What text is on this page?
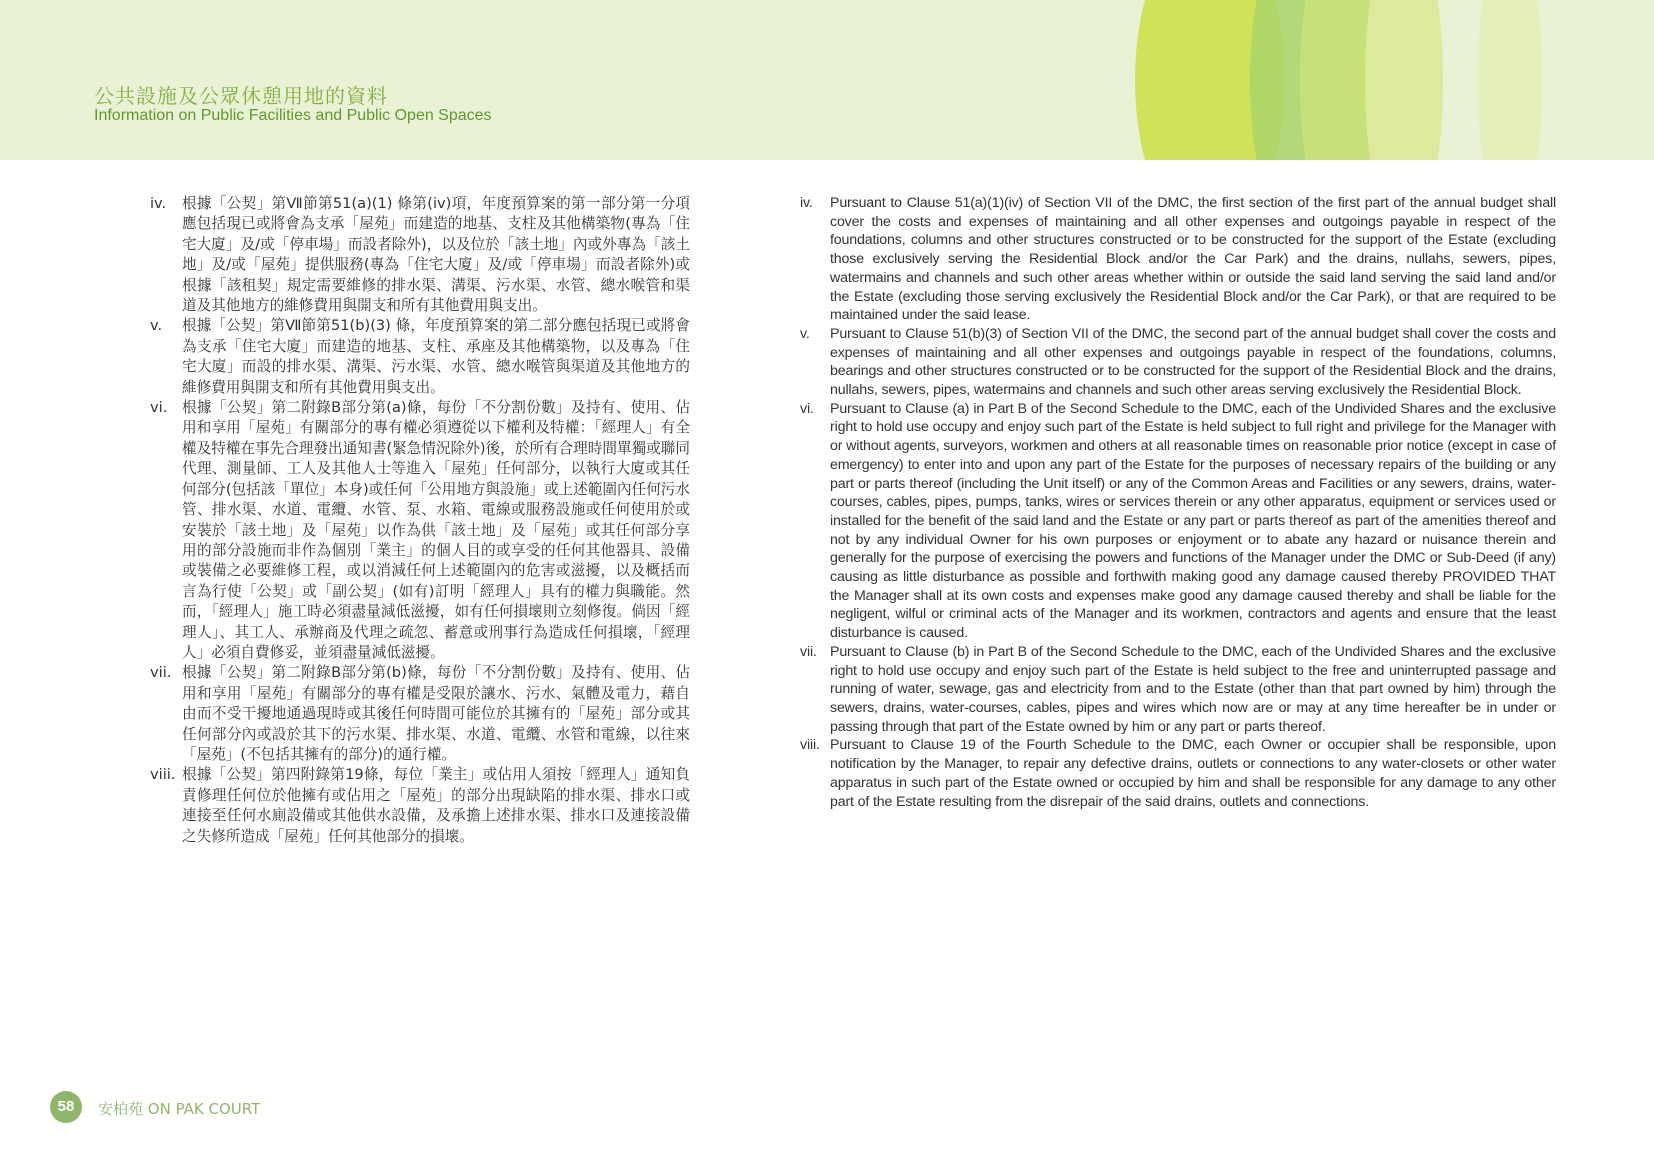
公共設施及公眾休憩用地的資料
Information on Public Facilities and Public Open Spaces
iv.	根據「公契」第Ⅶ節第51(a)(1) 條第(iv)項，年度預算案的第一部分第一分項應包括現已或將會為支承「屋苑」而建造的地基、支柱及其他構築物(專為「住宅大廈」及/或「停車場」而設者除外)，以及位於「該土地」內或外專為「該土地」及/或「屋苑」提供服務(專為「住宅大廈」及/或「停車場」而設者除外)或根據「該租契」規定需要維修的排水渠、溝渠、污水渠、水管、總水喉管和渠道及其他地方的維修費用與開支和所有其他費用與支出。
v.	根據「公契」第Ⅶ節第51(b)(3) 條，年度預算案的第二部分應包括現已或將會為支承「住宅大廈」而建造的地基、支柱、承座及其他構築物，以及專為「住宅大廈」而設的排水渠、溝渠、污水渠、水管、總水喉管與渠道及其他地方的維修費用與開支和所有其他費用與支出。
vi.	根據「公契」第二附錄B部分第(a)條，每份「不分割份數」及持有、使用、佔用和享用「屋苑」有關部分的專有權必須遵從以下權利及特權：「經理人」有全權及特權在事先合理發出通知書(緊急情況除外)後，於所有合理時間單獨或聯同代理、測量師、工人及其他人士等進入「屋苑」任何部分，以執行大廈或其任何部分(包括該「單位」本身)或任何「公用地方與設施」或上述範圍內任何污水管、排水渠、水道、電纜、水管、泵、水箱、電線或服務設施或任何使用於或安裝於「該土地」及「屋苑」以作為供「該土地」及「屋苑」或其任何部分享用的部分設施而非作為個別「業主」的個人目的或享受的任何其他器具、設備或裝備之必要維修工程，或以消減任何上述範圍內的危害或滋擾，以及概括而言為行使「公契」或「副公契」(如有)訂明「經理人」具有的權力與職能。然而，「經理人」施工時必須盡量減低滋擾，如有任何損壞則立刻修復。倘因「經理人」、其工人、承辦商及代理之疏忽、蓄意或刑事行為造成任何損壞，「經理人」必須自費修妥，並須盡量減低滋擾。
vii. 根據「公契」第二附錄B部分第(b)條，每份「不分割份數」及持有、使用、佔用和享用「屋苑」有關部分的專有權是受限於讓水、污水、氣體及電力，藉自由而不受干擾地通過現時或其後任何時間可能位於其擁有的「屋苑」部分或其任何部分內或設於其下的污水渠、排水渠、水道、電纜、水管和電線，以往來「屋苑」(不包括其擁有的部分)的通行權。
viii. 根據「公契」第四附錄第19條，每位「業主」或佔用人須按「經理人」通知負責修理任何位於他擁有或佔用之「屋苑」的部分出現缺陷的排水渠、排水口或連接至任何水廁設備或其他供水設備，及承擔上述排水渠、排水口及連接設備之失修所造成「屋苑」任何其他部分的損壞。
iv.	Pursuant to Clause 51(a)(1)(iv) of Section VII of the DMC, the first section of the first part of the annual budget shall cover the costs and expenses of maintaining and all other expenses and outgoings payable in respect of the foundations, columns and other structures constructed or to be constructed for the support of the Estate (excluding those exclusively serving the Residential Block and/or the Car Park) and the drains, nullahs, sewers, pipes, watermains and channels and such other areas whether within or outside the said land serving the said land and/or the Estate (excluding those serving exclusively the Residential Block and/or the Car Park), or that are required to be maintained under the said lease.
v.	Pursuant to Clause 51(b)(3) of Section VII of the DMC, the second part of the annual budget shall cover the costs and expenses of maintaining and all other expenses and outgoings payable in respect of the foundations, columns, bearings and other structures constructed or to be constructed for the support of the Residential Block and the drains, nullahs, sewers, pipes, watermains and channels and such other areas serving exclusively the Residential Block.
vi.	Pursuant to Clause (a) in Part B of the Second Schedule to the DMC, each of the Undivided Shares and the exclusive right to hold use occupy and enjoy such part of the Estate is held subject to full right and privilege for the Manager with or without agents, surveyors, workmen and others at all reasonable times on reasonable prior notice (except in case of emergency) to enter into and upon any part of the Estate for the purposes of necessary repairs of the building or any part or parts thereof (including the Unit itself) or any of the Common Areas and Facilities or any sewers, drains, water-courses, cables, pipes, pumps, tanks, wires or services therein or any other apparatus, equipment or services used or installed for the benefit of the said land and the Estate or any part or parts thereof as part of the amenities thereof and not by any individual Owner for his own purposes or enjoyment or to abate any hazard or nuisance therein and generally for the purpose of exercising the powers and functions of the Manager under the DMC or Sub-Deed (if any) causing as little disturbance as possible and forthwith making good any damage caused thereby PROVIDED THAT the Manager shall at its own costs and expenses make good any damage caused thereby and shall be liable for the negligent, wilful or criminal acts of the Manager and its workmen, contractors and agents and ensure that the least disturbance is caused.
vii. Pursuant to Clause (b) in Part B of the Second Schedule to the DMC, each of the Undivided Shares and the exclusive right to hold use occupy and enjoy such part of the Estate is held subject to the free and uninterrupted passage and running of water, sewage, gas and electricity from and to the Estate (other than that part owned by him) through the sewers, drains, water-courses, cables, pipes and wires which now are or may at any time hereafter be in under or passing through that part of the Estate owned by him or any part or parts thereof.
viii. Pursuant to Clause 19 of the Fourth Schedule to the DMC, each Owner or occupier shall be responsible, upon notification by the Manager, to repair any defective drains, outlets or connections to any water-closets or other water apparatus in such part of the Estate owned or occupied by him and shall be responsible for any damage to any other part of the Estate resulting from the disrepair of the said drains, outlets and connections.
58	安柏苑 ON PAK COURT
